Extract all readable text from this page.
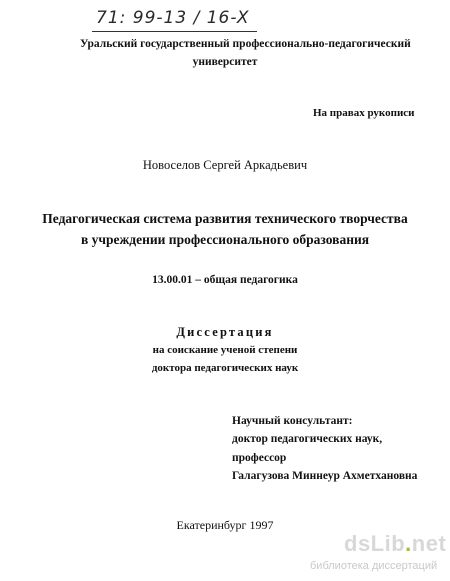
71: 99-13 / 16-X
Уральский государственный профессионально-педагогический
университет
На правах рукописи
Новоселов Сергей Аркадьевич
Педагогическая система развития технического творчества
в учреждении профессионального образования
13.00.01 – общая педагогика
Диссертация
на соискание ученой степени
доктора педагогических наук
Научный консультант:
доктор педагогических наук,
профессор
Галагузова Миннеур Ахметхановна
Екатеринбург 1997
dsLib.net
библиотека диссертаций
